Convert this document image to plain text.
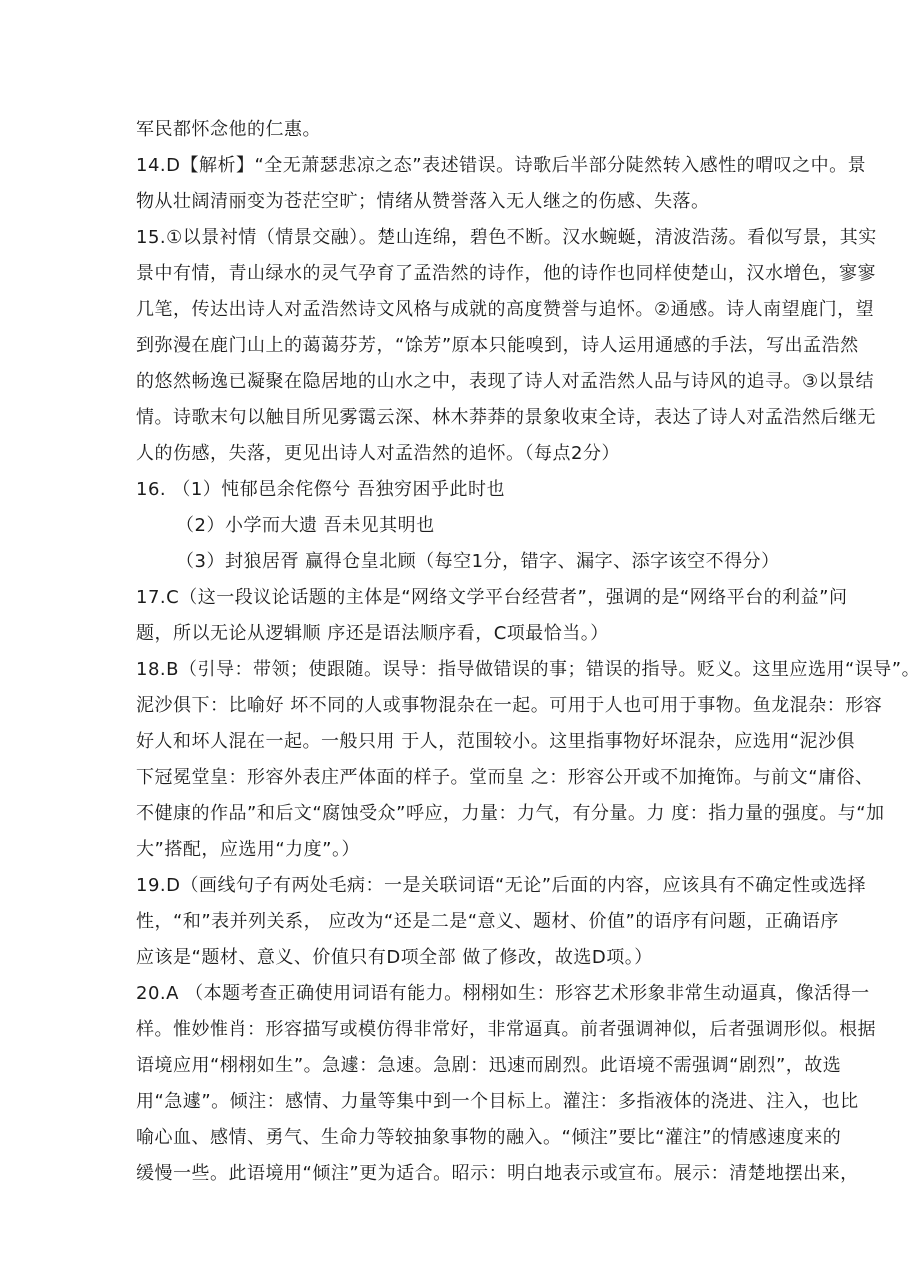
军民都怀念他的仁惠。
14.D【解析】“全无萧瑟悲凉之态”表述错误。诗歌后半部分陡然转入感性的喟叹之中。景
物从壮阔清丽变为苍茫空旷；情绪从赞誉落入无人继之的伤感、失落。
15.①以景衬情（情景交融）。楚山连绵，碧色不断。汉水蜿蜒，清波浩荡。看似写景，其实
景中有情，青山绿水的灵气孕育了孟浩然的诗作，他的诗作也同样使楚山，汉水增色，寥寥
几笔，传达出诗人对孟浩然诗文风格与成就的高度赞誉与追怀。②通感。诗人南望鹿门，望
到弥漫在鹿门山上的蔼蔼芬芳，“馀芳”原本只能嗅到，诗人运用通感的手法，写出孟浩然
的悠然畅逸已凝聚在隐居地的山水之中，表现了诗人对孟浩然人品与诗风的追寻。③以景结
情。诗歌末句以触目所见雾霭云深、林木莽莽的景象收束全诗，表达了诗人对孟浩然后继无
人的伤感，失落，更见出诗人对孟浩然的追怀。（每点2分）
16. （1）忳郁邑余侘傺兮 吾独穷困乎此时也
（2）小学而大遗 吾未见其明也
（3）封狼居胥 赢得仓皇北顾（每空1分，错字、漏字、添字该空不得分）
17.C（这一段议论话题的主体是“网络文学平台经营者”，强调的是“网络平台的利益”问
题，所以无论从逻辑顺 序还是语法顺序看，C项最恰当。）
18.B（引导：带领；使跟随。误导：指导做错误的事；错误的指导。贬义。这里应选用“误导”。
泥沙俱下：比喻好 坏不同的人或事物混杂在一起。可用于人也可用于事物。鱼龙混杂：形容
好人和坏人混在一起。一般只用 于人，范围较小。这里指事物好坏混杂，应选用“泥沙俱
下冠冕堂皇：形容外表庄严体面的样子。堂而皇 之：形容公开或不加掩饰。与前文“庸俗、
不健康的作品”和后文“腐蚀受众”呼应，力量：力气，有分量。力 度：指力量的强度。与“加
大”搭配，应选用“力度”。）
19.D（画线句子有两处毛病：一是关联词语“无论”后面的内容，应该具有不确定性或选择
性，“和”表并列关系， 应改为“还是二是“意义、题材、价值”的语序有问题，正确语序
应该是“题材、意义、价值只有D项全部 做了修改，故选D项。）
20.A （本题考查正确使用词语有能力。栩栩如生：形容艺术形象非常生动逼真，像活得一
样。惟妙惟肖：形容描写或模仿得非常好，非常逼真。前者强调神似，后者强调形似。根据
语境应用“栩栩如生”。急遽：急速。急剧：迅速而剧烈。此语境不需强调“剧烈”，故选
用“急遽”。倾注：感情、力量等集中到一个目标上。灌注：多指液体的浇进、注入，也比
喻心血、感情、勇气、生命力等较抽象事物的融入。“倾注”要比“灌注”的情感速度来的
缓慢一些。此语境用“倾注”更为适合。昭示：明白地表示或宣布。展示：清楚地摆出来，
